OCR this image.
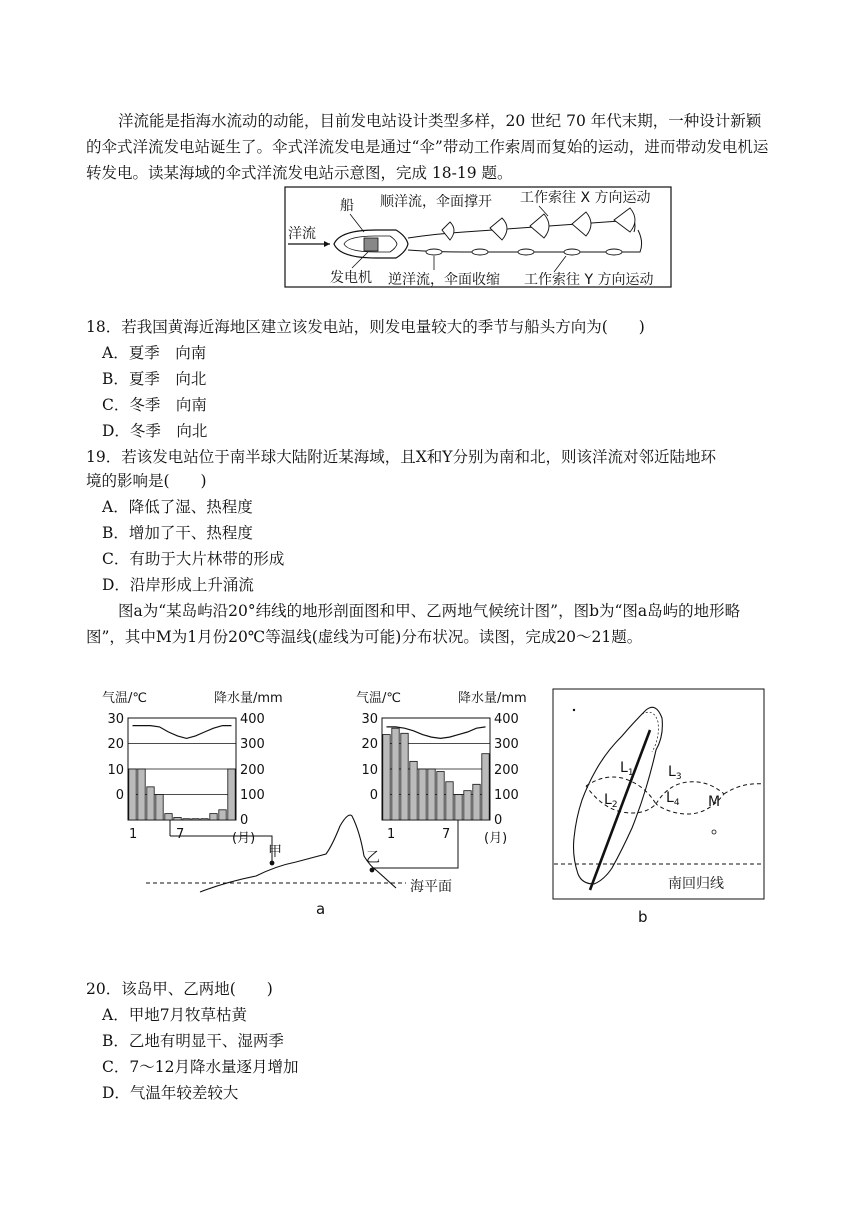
洋流能是指海水流动的动能，目前发电站设计类型多样，20 世纪 70 年代末期，一种设计新颖的伞式洋流发电站诞生了。伞式洋流发电是通过“伞”带动工作索周而复始的运动，进而带动发电机运转发电。读某海域的伞式洋流发电站示意图，完成 18-19 题。
洋流
船
发电机
顺洋流，伞面撑开 工作索往 X 方向运动
逆洋流，伞面收缩 工作索往 Y 方向运动
18．若我国黄海近海地区建立该发电站，则发电量较大的季节与船头方向为(　　)
A．夏季　向南
B．夏季　向北
C．冬季　向南
D．冬季　向北
19．若该发电站位于南半球大陆附近某海域，且X和Y分别为南和北，则该洋流对邻近陆地环
境的影响是(　　)
A．降低了湿、热程度
B．增加了干、热程度
C．有助于大片林带的形成
D．沿岸形成上升涌流
图a为“某岛屿沿20°纬线的地形剖面图和甲、乙两地气候统计图”，图b为“图a岛屿的地形略图”，其中M为1月份20℃等温线(虚线为可能)分布状况。读图，完成20～21题。
气温/℃	降水量/mm	气温/℃	降水量/mm
30
20
10
0
30
20
10
0
400
300
200
100
0
400
300
200
100
0
1	7	(月)	1	7	(月)
甲	乙
海平面
a
南回归线
$L_1$
$L_2$
$L_3$
$L_4$ M
b
20．该岛甲、乙两地(　　)
A．甲地7月牧草枯黄
B．乙地有明显干、湿两季
C．7～12月降水量逐月增加
D．气温年较差较大
